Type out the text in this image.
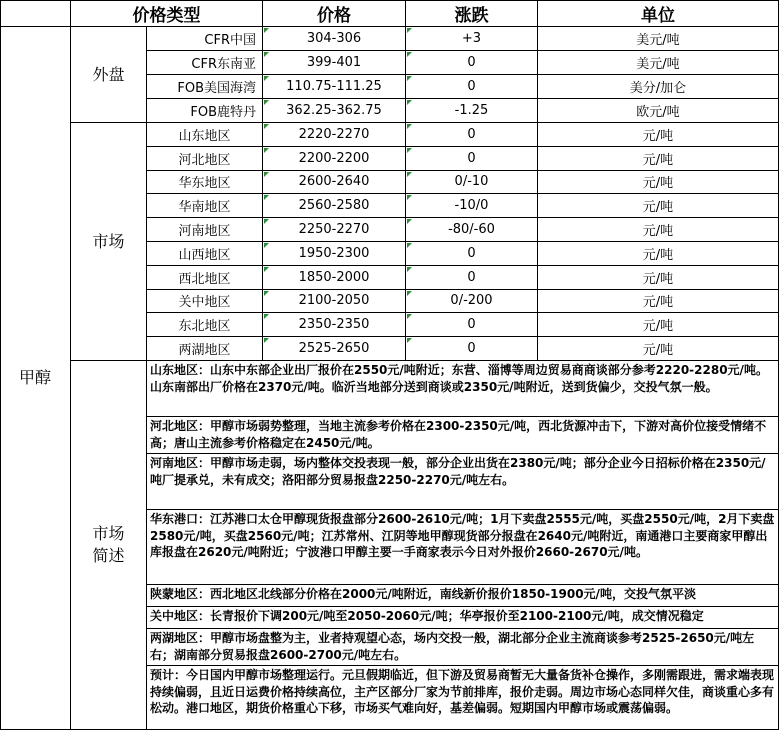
价格类型	价格	涨跌	单位
甲醇
外盘
市场
市场
简述
CFR中国	304-306	+3	美元/吨
CFR东南亚	399-401	0	美元/吨
FOB美国海湾 110.75-111.25	0	美分/加仑
FOB鹿特丹 362.25-362.75	-1.25	欧元/吨
山东地区	2220-2270	0	元/吨
河北地区	2200-2200	0	元/吨
华东地区	2600-2640	0/-10	元/吨
华南地区	2560-2580	-10/0	元/吨
河南地区	2250-2270	-80/-60	元/吨
山西地区	1950-2300	0	元/吨
西北地区	1850-2000	0	元/吨
关中地区	2100-2050	0/-200	元/吨
东北地区	2350-2350	0	元/吨
两湖地区	2525-2650	0	元/吨
山东地区：山东中东部企业出厂报价在2550元/吨附近；东营、淄博等周边贸易商商谈部分参考2220-2280元/吨。山东南部出厂价格在2370元/吨。临沂当地部分送到商谈或2350元/吨附近，送到货偏少，交投气氛一般。
河北地区：甲醇市场弱势整理，当地主流参考价格在2300-2350元/吨，西北货源冲击下，下游对高价位接受情绪不高；唐山主流参考价格稳定在2450元/吨。
河南地区：甲醇市场走弱，场内整体交投表现一般，部分企业出货在2380元/吨；部分企业今日招标价格在2350元/吨厂提承兑，未有成交；洛阳部分贸易报盘2250-2270元/吨左右。
华东港口：江苏港口太仓甲醇现货报盘部分2600-2610元/吨；1月下卖盘2555元/吨，买盘2550元/吨，2月下卖盘2580元/吨，买盘2560元/吨；江苏常州、江阴等地甲醇现货部分报盘在2640元/吨附近，南通港口主要商家甲醇出库报盘在2620元/吨附近；宁波港口甲醇主要一手商家表示今日对外报价2660-2670元/吨。
陕蒙地区：西北地区北线部分价格在2000元/吨附近，南线新价报价1850-1900元/吨，交投气氛平淡
关中地区：长青报价下调200元/吨至2050-2060元/吨；华亭报价至2100-2100元/吨，成交情况稳定
两湖地区：甲醇市场盘整为主，业者持观望心态，场内交投一般，湖北部分企业主流商谈参考2525-2650元/吨左右；湖南部分贸易报盘2600-2700元/吨左右。
预计：今日国内甲醇市场整理运行。元旦假期临近，但下游及贸易商暂无大量备货补仓操作，多刚需跟进，需求端表现持续偏弱，且近日运费价格持续高位，主产区部分厂家为节前排库，报价走弱。周边市场心态同样欠佳，商谈重心多有松动。港口地区，期货价格重心下移，市场买气难向好，基差偏弱。短期国内甲醇市场或震荡偏弱。
